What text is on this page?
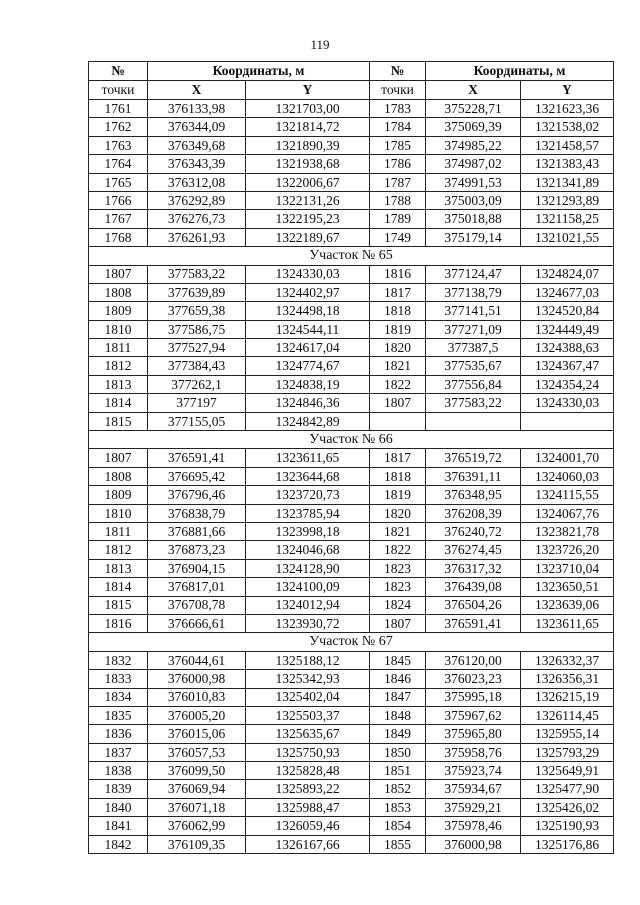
119
№	Координаты, м		№	Координаты, м	
точки	X	Y	точки	X	Y
1761	376133,98	1321703,00	1783	375228,71	1321623,36
1762	376344,09	1321814,72	1784	375069,39	1321538,02
1763	376349,68	1321890,39	1785	374985,22	1321458,57
1764	376343,39	1321938,68	1786	374987,02	1321383,43
1765	376312,08	1322006,67	1787	374991,53	1321341,89
1766	376292,89	1322131,26	1788	375003,09	1321293,89
1767	376276,73	1322195,23	1789	375018,88	1321158,25
1768	376261,93	1322189,67	1749	375179,14	1321021,55
Участок № 65					
1807	377583,22	1324330,03	1816	377124,47	1324824,07
1808	377639,89	1324402,97	1817	377138,79	1324677,03
1809	377659,38	1324498,18	1818	377141,51	1324520,84
1810	377586,75	1324544,11	1819	377271,09	1324449,49
1811	377527,94	1324617,04	1820	377387,5	1324388,63
1812	377384,43	1324774,67	1821	377535,67	1324367,47
1813	377262,1	1324838,19	1822	377556,84	1324354,24
1814	377197	1324846,36	1807	377583,22	1324330,03
1815	377155,05	1324842,89			
Участок № 66					
1807	376591,41	1323611,65	1817	376519,72	1324001,70
1808	376695,42	1323644,68	1818	376391,11	1324060,03
1809	376796,46	1323720,73	1819	376348,95	1324115,55
1810	376838,79	1323785,94	1820	376208,39	1324067,76
1811	376881,66	1323998,18	1821	376240,72	1323821,78
1812	376873,23	1324046,68	1822	376274,45	1323726,20
1813	376904,15	1324128,90	1823	376317,32	1323710,04
1814	376817,01	1324100,09	1823	376439,08	1323650,51
1815	376708,78	1324012,94	1824	376504,26	1323639,06
1816	376666,61	1323930,72	1807	376591,41	1323611,65
Участок № 67					
1832	376044,61	1325188,12	1845	376120,00	1326332,37
1833	376000,98	1325342,93	1846	376023,23	1326356,31
1834	376010,83	1325402,04	1847	375995,18	1326215,19
1835	376005,20	1325503,37	1848	375967,62	1326114,45
1836	376015,06	1325635,67	1849	375965,80	1325955,14
1837	376057,53	1325750,93	1850	375958,76	1325793,29
1838	376099,50	1325828,48	1851	375923,74	1325649,91
1839	376069,94	1325893,22	1852	375934,67	1325477,90
1840	376071,18	1325988,47	1853	375929,21	1325426,02
1841	376062,99	1326059,46	1854	375978,46	1325190,93
1842	376109,35	1326167,66	1855	376000,98	1325176,86
